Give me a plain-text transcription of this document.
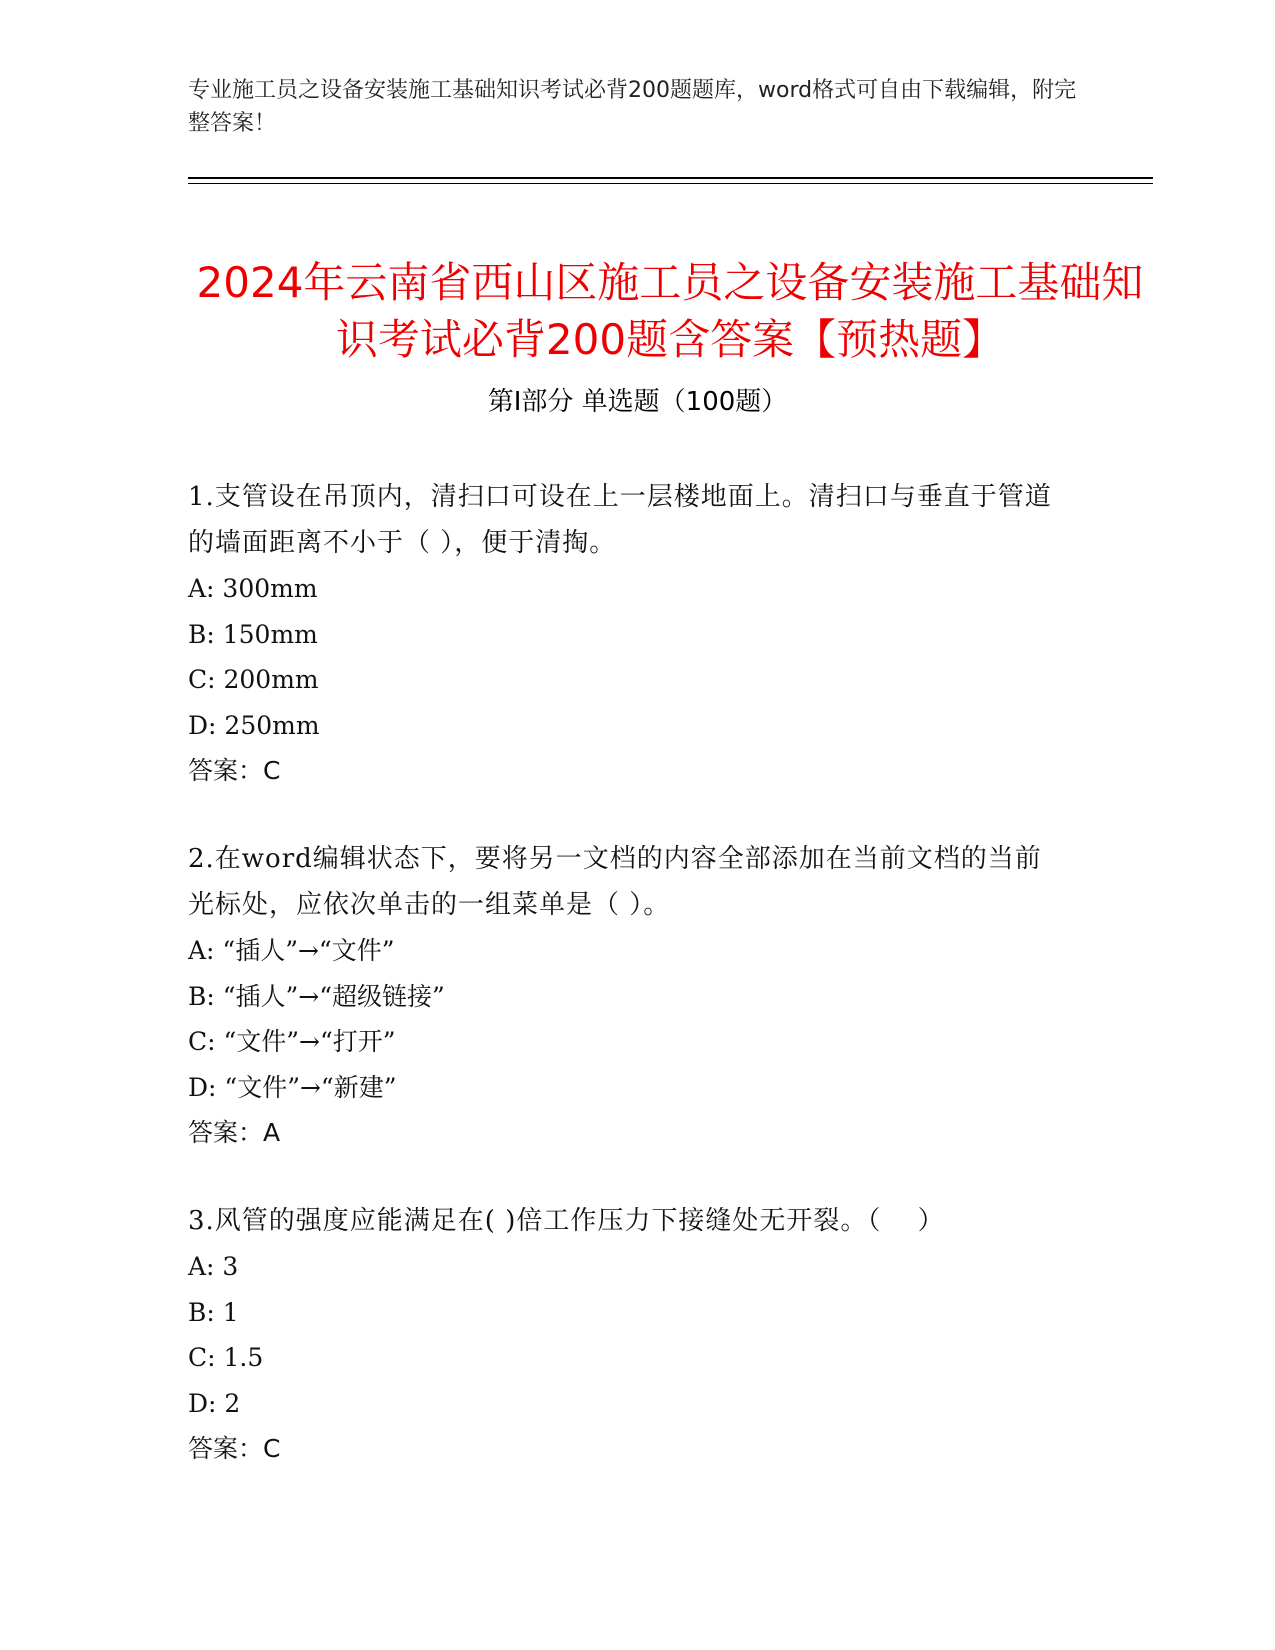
专业施工员之设备安装施工基础知识考试必背200题题库，word格式可自由下载编辑，附完整答案！
2024年云南省西山区施工员之设备安装施工基础知识考试必背200题含答案【预热题】
第I部分 单选题（100题）

1.支管设在吊顶内，清扫口可设在上一层楼地面上。清扫口与垂直于管道的墙面距离不小于（ ），便于清掏。

A: 300mm

B: 150mm

C: 200mm

D: 250mm

答案：C

2.在word编辑状态下，要将另一文档的内容全部添加在当前文档的当前光标处，应依次单击的一组菜单是（ ）。

A: “插人”→“文件”

B: “插人”→“超级链接”

C: “文件”→“打开”

D: “文件”→“新建”

答案：A

3.风管的强度应能满足在( )倍工作压力下接缝处无开裂。（　 ）

A: 3

B: 1

C: 1.5

D: 2

答案：C
